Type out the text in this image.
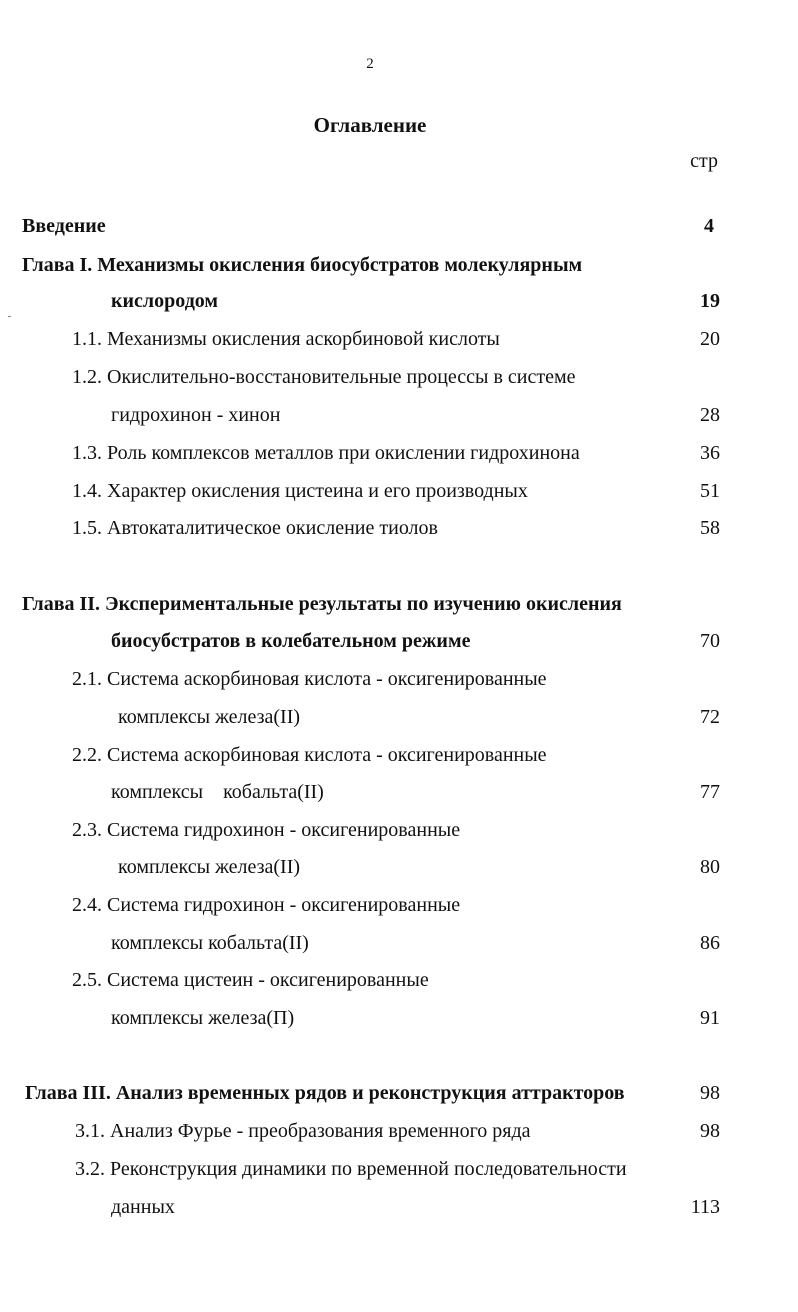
2
Оглавление
стр
Введение	4
Глава I. Механизмы окисления биосубстратов молекулярным
кислородом	19
1.1. Механизмы окисления аскорбиновой кислоты	20
1.2. Окислительно-восстановительные процессы в системе
гидрохинон - хинон	28
1.3. Роль комплексов металлов при окислении гидрохинона	36
1.4. Характер окисления цистеина и его производных	51
1.5. Автокаталитическое окисление тиолов	58
Глава II. Экспериментальные результаты по изучению окисления
биосубстратов в колебательном режиме	70
2.1. Система аскорбиновая кислота - оксигенированные
комплексы железа(II)	72
2.2. Система аскорбиновая кислота - оксигенированные
комплексы    кобальта(II)	77
2.3. Система гидрохинон - оксигенированные
комплексы железа(II)	80
2.4. Система гидрохинон - оксигенированные
комплексы кобальта(II)	86
2.5. Система цистеин - оксигенированные
комплексы железа(П)	91
Глава III. Анализ временных рядов и реконструкция аттракторов	98
3.1. Анализ Фурье - преобразования временного ряда	98
3.2. Реконструкция динамики по временной последовательности
данных	113
